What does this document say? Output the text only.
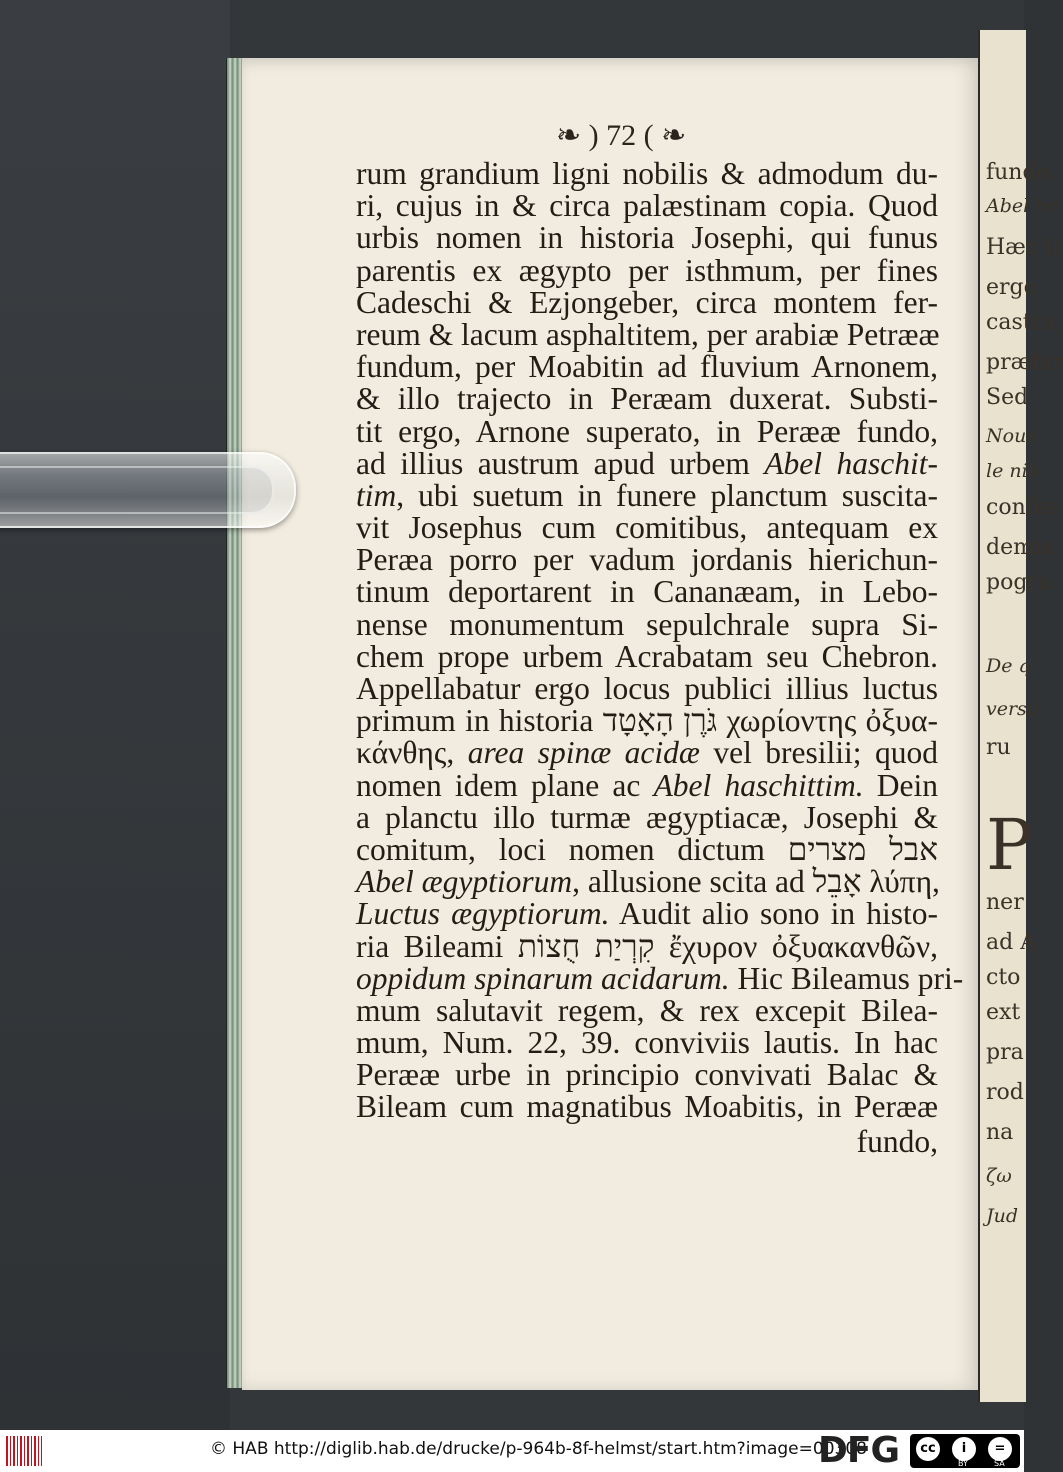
fundo,
Abel ha
Hæc il
ergo
castra,
præfar
Sed
Nous
le nib
confes
demia
pogra
De q
versu
ru
P
ner
ad A
cto
ext
pra
rod
na
ζω
Jud
❧ ) 72 ( ❧
rum grandium ligni nobilis & admodum du-
ri, cujus in & circa palæstinam copia. Quod
urbis nomen in historia Josephi, qui funus
parentis ex ægypto per isthmum, per fines
Cadeschi & Ezjongeber, circa montem fer-
reum & lacum asphaltitem, per arabiæ Petrææ
fundum, per Moabitin ad fluvium Arnonem,
& illo trajecto in Peræam duxerat. Substi-
tit ergo, Arnone superato, in Perææ fundo,
ad illius austrum apud urbem Abel haschit-
tim, ubi suetum in funere planctum suscita-
vit Josephus cum comitibus, antequam ex
Peræa porro per vadum jordanis hierichun-
tinum deportarent in Cananæam, in Lebo-
nense monumentum sepulchrale supra Si-
chem prope urbem Acrabatam seu Chebron.
Appellabatur ergo locus publici illius luctus
primum in historia גֹּרֶן הָאָטָד χωρίοντης ὀξυα-
κάνθης, area spinæ acidæ vel bresilii; quod
nomen idem plane ac Abel haschittim. Dein
a planctu illo turmæ ægyptiacæ, Josephi &
comitum, loci nomen dictum אבל מצרים
Abel ægyptiorum, allusione scita ad אָבֵל λύπη,
Luctus ægyptiorum. Audit alio sono in histo-
ria Bileami קִרְיַת חֻצוֹת ἔχυρον ὀξυακανθῶν,
oppidum spinarum acidarum. Hic Bileamus pri-
mum salutavit regem, & rex excepit Bilea-
mum, Num. 22, 39. conviviis lautis. In hac
Perææ urbe in principio convivati Balac &
Bileam cum magnatibus Moabitis, in Perææ
fundo,
© HAB http://diglib.hab.de/drucke/p-964b-8f-helmst/start.htm?image=00308
DFG	cc	i	=
BY	SA
